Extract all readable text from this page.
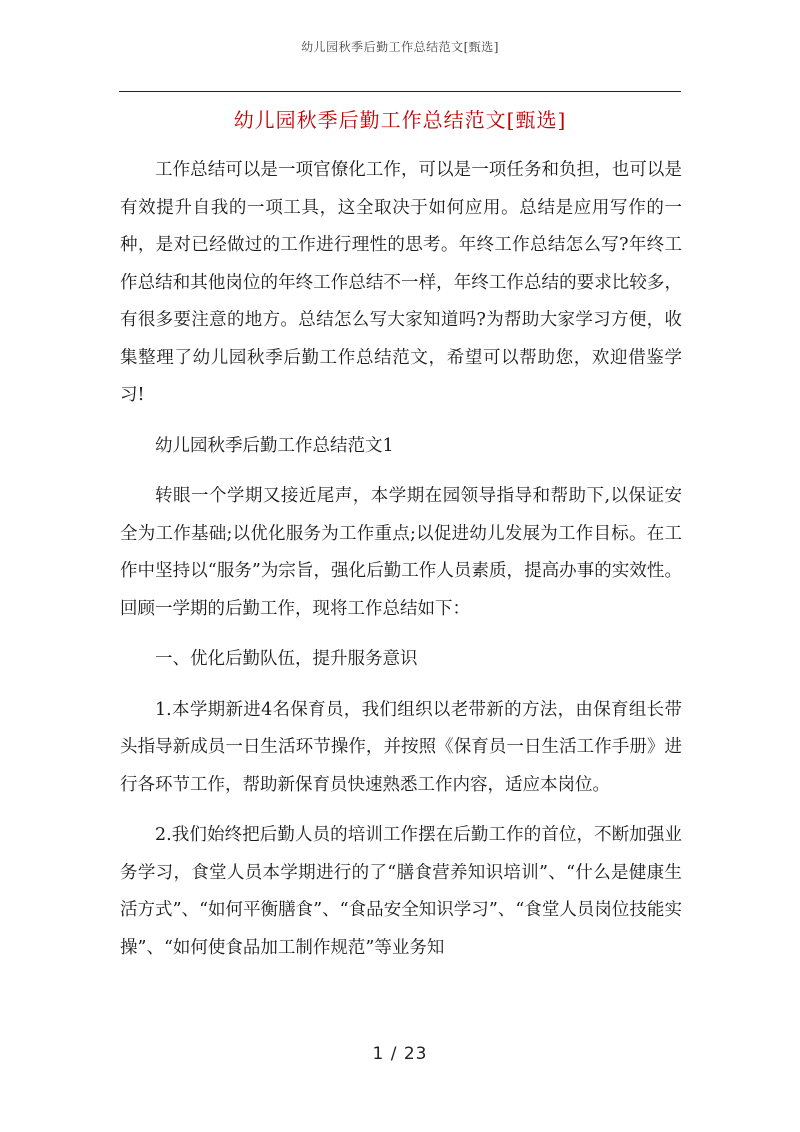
幼儿园秋季后勤工作总结范文[甄选]
幼儿园秋季后勤工作总结范文[甄选]

工作总结可以是一项官僚化工作，可以是一项任务和负担，也可以是有效提升自我的一项工具，这全取决于如何应用。总结是应用写作的一种，是对已经做过的工作进行理性的思考。年终工作总结怎么写?年终工作总结和其他岗位的年终工作总结不一样，年终工作总结的要求比较多，有很多要注意的地方。总结怎么写大家知道吗?为帮助大家学习方便，收集整理了幼儿园秋季后勤工作总结范文，希望可以帮助您，欢迎借鉴学习!

幼儿园秋季后勤工作总结范文1

转眼一个学期又接近尾声，本学期在园领导指导和帮助下,以保证安全为工作基础;以优化服务为工作重点;以促进幼儿发展为工作目标。在工作中坚持以“服务”为宗旨，强化后勤工作人员素质，提高办事的实效性。回顾一学期的后勤工作，现将工作总结如下：

一、优化后勤队伍，提升服务意识

1.本学期新进4名保育员，我们组织以老带新的方法，由保育组长带头指导新成员一日生活环节操作，并按照《保育员一日生活工作手册》进行各环节工作，帮助新保育员快速熟悉工作内容，适应本岗位。

2.我们始终把后勤人员的培训工作摆在后勤工作的首位，不断加强业务学习，食堂人员本学期进行的了“膳食营养知识培训”、“什么是健康生活方式”、“如何平衡膳食”、“食品安全知识学习”、“食堂人员岗位技能实操”、“如何使食品加工制作规范”等业务知

1 / 23
